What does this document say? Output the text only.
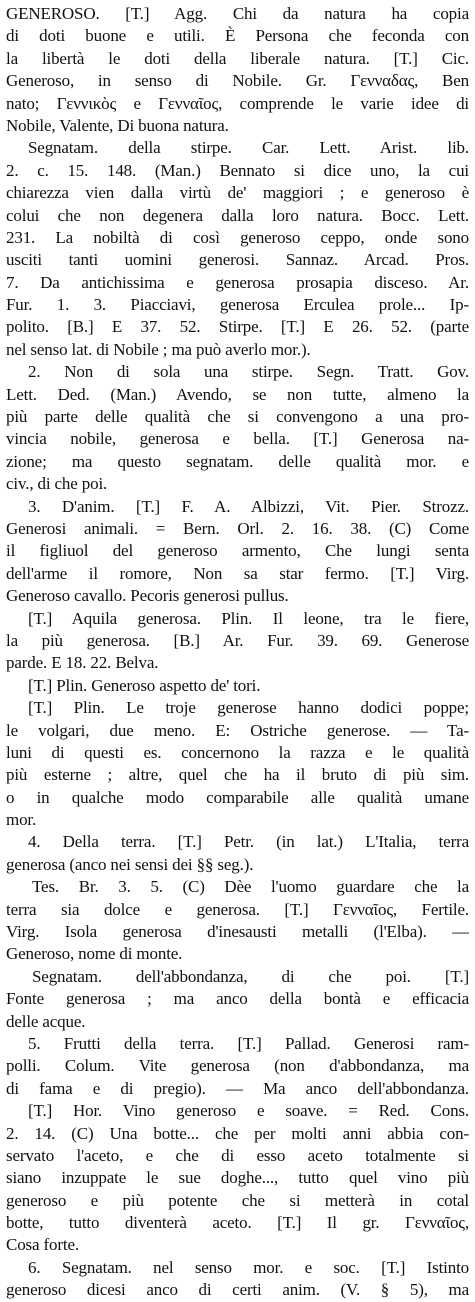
GENEROSO. [T.] Agg. Chi da natura ha copia
di doti buone e utili. È Persona che feconda con
la libertà le doti della liberale natura. [T.] Cic.
Generoso, in senso di Nobile. Gr. Γενναδας, Ben
nato; Γεννικὸς e Γενναῖος, comprende le varie idee di
Nobile, Valente, Di buona natura.
Segnatam. della stirpe. Car. Lett. Arist. lib.
2. c. 15. 148. (Man.) Bennato si dice uno, la cui
chiarezza vien dalla virtù de' maggiori ; e generoso è
colui che non degenera dalla loro natura. Bocc. Lett.
231. La nobiltà di così generoso ceppo, onde sono
usciti tanti uomini generosi. Sannaz. Arcad. Pros.
7. Da antichissima e generosa prosapia disceso. Ar.
Fur. 1. 3. Piacciavi, generosa Erculea prole... Ip-
polito. [B.] E 37. 52. Stirpe. [T.] E 26. 52. (parte
nel senso lat. di Nobile ; ma può averlo mor.).
2. Non di sola una stirpe. Segn. Tratt. Gov.
Lett. Ded. (Man.) Avendo, se non tutte, almeno la
più parte delle qualità che si convengono a una pro-
vincia nobile, generosa e bella. [T.] Generosa na-
zione; ma questo segnatam. delle qualità mor. e
civ., di che poi.
3. D'anim. [T.] F. A. Albizzi, Vit. Pier. Strozz.
Generosi animali. = Bern. Orl. 2. 16. 38. (C) Come
il figliuol del generoso armento, Che lungi senta
dell'arme il romore, Non sa star fermo. [T.] Virg.
Generoso cavallo. Pecoris generosi pullus.
[T.] Aquila generosa. Plin. Il leone, tra le fiere,
la più generosa. [B.] Ar. Fur. 39. 69. Generose
parde. E 18. 22. Belva.
[T.] Plin. Generoso aspetto de' tori.
[T.] Plin. Le troje generose hanno dodici poppe;
le volgari, due meno. E: Ostriche generose. — Ta-
luni di questi es. concernono la razza e le qualità
più esterne ; altre, quel che ha il bruto di più sim.
o in qualche modo comparabile alle qualità umane
mor.
4. Della terra. [T.] Petr. (in lat.) L'Italia, terra
generosa (anco nei sensi dei §§ seg.).
Tes. Br. 3. 5. (C) Dèe l'uomo guardare che la
terra sia dolce e generosa. [T.] Γενναῖος, Fertile.
Virg. Isola generosa d'inesausti metalli (l'Elba). —
Generoso, nome di monte.
Segnatam. dell'abbondanza, di che poi. [T.]
Fonte generosa ; ma anco della bontà e efficacia
delle acque.
5. Frutti della terra. [T.] Pallad. Generosi ram-
polli. Colum. Vite generosa (non d'abbondanza, ma
di fama e di pregio). — Ma anco dell'abbondanza.
[T.] Hor. Vino generoso e soave. = Red. Cons.
2. 14. (C) Una botte... che per molti anni abbia con-
servato l'aceto, e che di esso aceto totalmente si
siano inzuppate le sue doghe..., tutto quel vino più
generoso e più potente che si metterà in cotal
botte, tutto diventerà aceto. [T.] Il gr. Γενναῖος,
Cosa forte.
6. Segnatam. nel senso mor. e soc. [T.] Istinto
generoso dicesi anco di certi anim. (V. § 5), ma
